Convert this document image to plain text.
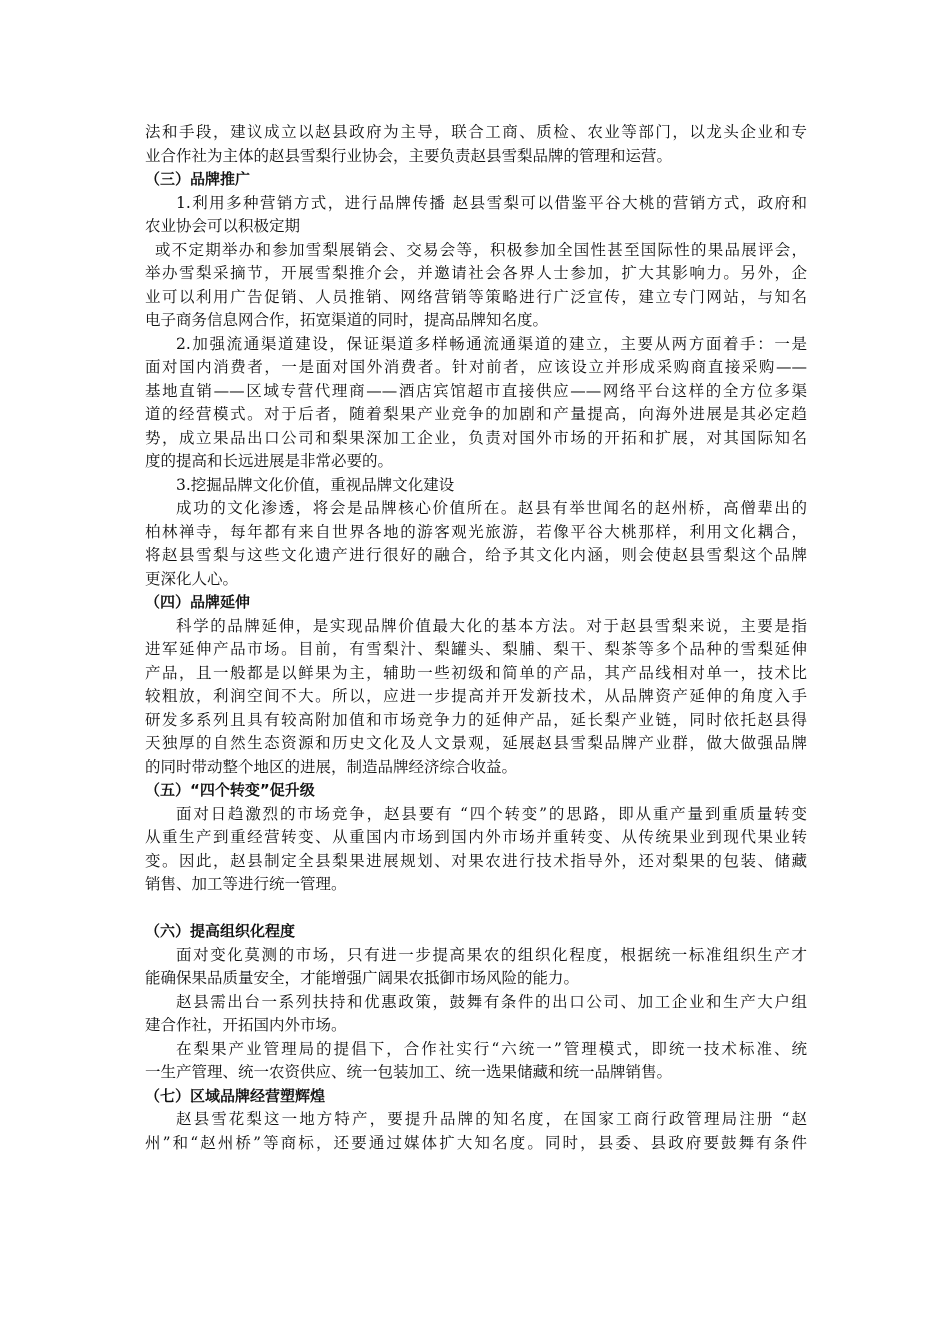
法和手段，建议成立以赵县政府为主导，联合工商、质检、农业等部门，以龙头企业和专
业合作社为主体的赵县雪梨行业协会，主要负责赵县雪梨品牌的管理和运营。
（三）品牌推广
1.利用多种营销方式，进行品牌传播 赵县雪梨可以借鉴平谷大桃的营销方式，政府和
农业协会可以积极定期
或不定期举办和参加雪梨展销会、交易会等，积极参加全国性甚至国际性的果品展评会，
举办雪梨采摘节，开展雪梨推介会，并邀请社会各界人士参加，扩大其影响力。另外，企
业可以利用广告促销、人员推销、网络营销等策略进行广泛宣传，建立专门网站，与知名
电子商务信息网合作，拓宽渠道的同时，提高品牌知名度。
2.加强流通渠道建设，保证渠道多样畅通流通渠道的建立，主要从两方面着手：一是
面对国内消费者，一是面对国外消费者。针对前者，应该设立并形成采购商直接采购——
基地直销——区域专营代理商——酒店宾馆超市直接供应——网络平台这样的全方位多渠
道的经营模式。对于后者，随着梨果产业竞争的加剧和产量提高，向海外进展是其必定趋
势，成立果品出口公司和梨果深加工企业，负责对国外市场的开拓和扩展，对其国际知名
度的提高和长远进展是非常必要的。
3.挖掘品牌文化价值，重视品牌文化建设
成功的文化渗透，将会是品牌核心价值所在。赵县有举世闻名的赵州桥，高僧辈出的
柏林禅寺，每年都有来自世界各地的游客观光旅游，若像平谷大桃那样，利用文化耦合，
将赵县雪梨与这些文化遗产进行很好的融合，给予其文化内涵，则会使赵县雪梨这个品牌
更深化人心。
（四）品牌延伸
科学的品牌延伸，是实现品牌价值最大化的基本方法。对于赵县雪梨来说，主要是指
进军延伸产品市场。目前，有雪梨汁、梨罐头、梨脯、梨干、梨茶等多个品种的雪梨延伸
产品，且一般都是以鲜果为主，辅助一些初级和简单的产品，其产品线相对单一，技术比
较粗放，利润空间不大。所以，应进一步提高并开发新技术，从品牌资产延伸的角度入手
研发多系列且具有较高附加值和市场竞争力的延伸产品，延长梨产业链，同时依托赵县得
天独厚的自然生态资源和历史文化及人文景观，延展赵县雪梨品牌产业群，做大做强品牌
的同时带动整个地区的进展，制造品牌经济综合收益。
（五）“四个转变”促升级
面对日趋激烈的市场竞争，赵县要有 “四个转变”的思路，即从重产量到重质量转变
从重生产到重经营转变、从重国内市场到国内外市场并重转变、从传统果业到现代果业转
变。因此，赵县制定全县梨果进展规划、对果农进行技术指导外，还对梨果的包装、储藏
销售、加工等进行统一管理。
（六）提高组织化程度
面对变化莫测的市场，只有进一步提高果农的组织化程度，根据统一标准组织生产才
能确保果品质量安全，才能增强广阔果农抵御市场风险的能力。
赵县需出台一系列扶持和优惠政策，鼓舞有条件的出口公司、加工企业和生产大户组
建合作社，开拓国内外市场。
在梨果产业管理局的提倡下，合作社实行“六统一”管理模式，即统一技术标准、统
一生产管理、统一农资供应、统一包装加工、统一选果储藏和统一品牌销售。
（七）区域品牌经营塑辉煌
赵县雪花梨这一地方特产，要提升品牌的知名度，在国家工商行政管理局注册 “赵
州”和“赵州桥”等商标，还要通过媒体扩大知名度。同时，县委、县政府要鼓舞有条件
